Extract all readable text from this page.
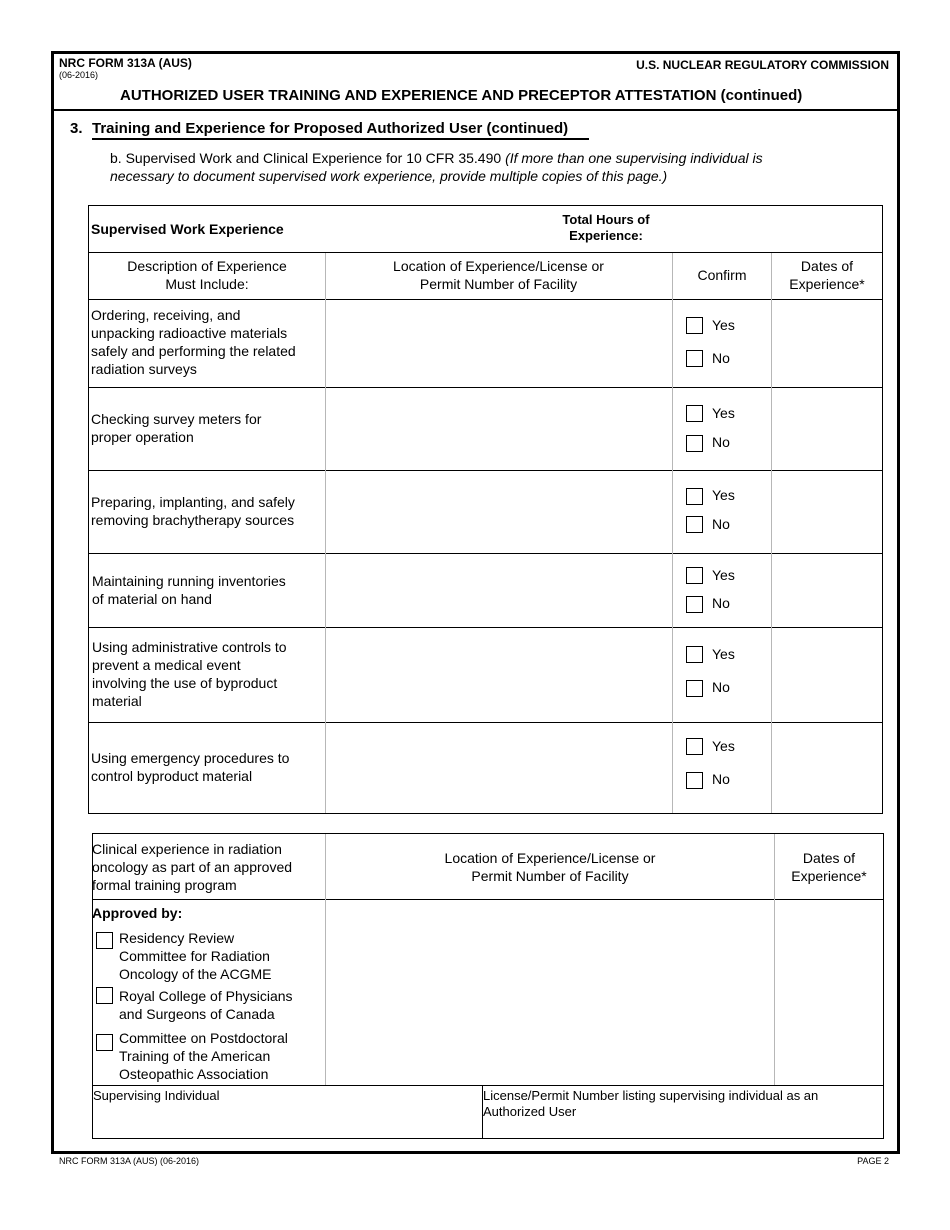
NRC FORM 313A (AUS)
(06-2016)
U.S. NUCLEAR REGULATORY COMMISSION
AUTHORIZED USER TRAINING AND EXPERIENCE AND PRECEPTOR ATTESTATION (continued)
3. Training and Experience for Proposed Authorized User (continued)
b. Supervised Work and Clinical Experience for 10 CFR 35.490 (If more than one supervising individual is
necessary to document supervised work experience, provide multiple copies of this page.)
Supervised Work Experience
Total Hours of
Experience:
Description of Experience
Must Include:
Location of Experience/License or
Permit Number of Facility
Confirm
Dates of
Experience*
Ordering, receiving, and
unpacking radioactive materials
safely and performing the related
radiation surveys
Yes
No
Checking survey meters for
proper operation
Yes
No
Preparing, implanting, and safely
removing brachytherapy sources
Yes
No
Maintaining running inventories
of material on hand
Yes
No
Using administrative controls to
prevent a medical event
involving the use of byproduct
material
Yes
No
Using emergency procedures to
control byproduct material
Yes
No
Clinical experience in radiation
oncology as part of an approved
formal training program
Location of Experience/License or
Permit Number of Facility
Dates of
Experience*
Approved by:
Residency Review
Committee for Radiation
Oncology of the ACGME
Royal College of Physicians
and Surgeons of Canada
Committee on Postdoctoral
Training of the American
Osteopathic Association
Supervising Individual	License/Permit Number listing supervising individual as an
Authorized User
NRC FORM 313A (AUS) (06-2016)	PAGE 2
